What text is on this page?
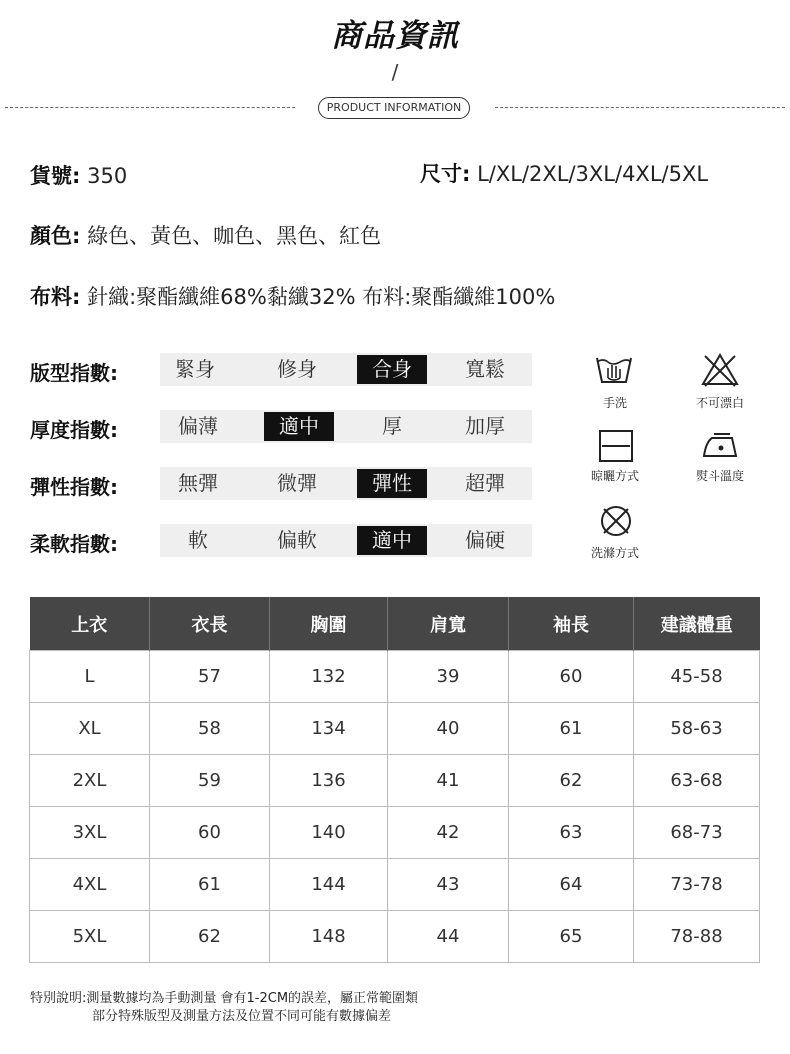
商品資訊
/
PRODUCT INFORMATION
貨號: 350	尺寸: L/XL/2XL/3XL/4XL/5XL
顏色: 綠色、黃色、咖色、黑色、紅色
布料: 針織:聚酯纖維68%黏纖32% 布料:聚酯纖維100%
版型指數:	緊身	修身	合身	寬鬆
厚度指數:	偏薄	適中	厚	加厚
彈性指數:	無彈	微彈	彈性	超彈
柔軟指數:	軟	偏軟	適中	偏硬
手洗	不可漂白
晾曬方式	熨斗溫度
洗滌方式
上衣	衣長	胸圍	肩寬	袖長	建議體重
L	57	132	39	60	45-58
XL	58	134	40	61	58-63
2XL	59	136	41	62	63-68
3XL	60	140	42	63	68-73
4XL	61	144	43	64	73-78
5XL	62	148	44	65	78-88
特別說明:測量數據均為手動測量 會有1-2CM的誤差，屬正常範圍類
部分特殊版型及測量方法及位置不同可能有數據偏差
